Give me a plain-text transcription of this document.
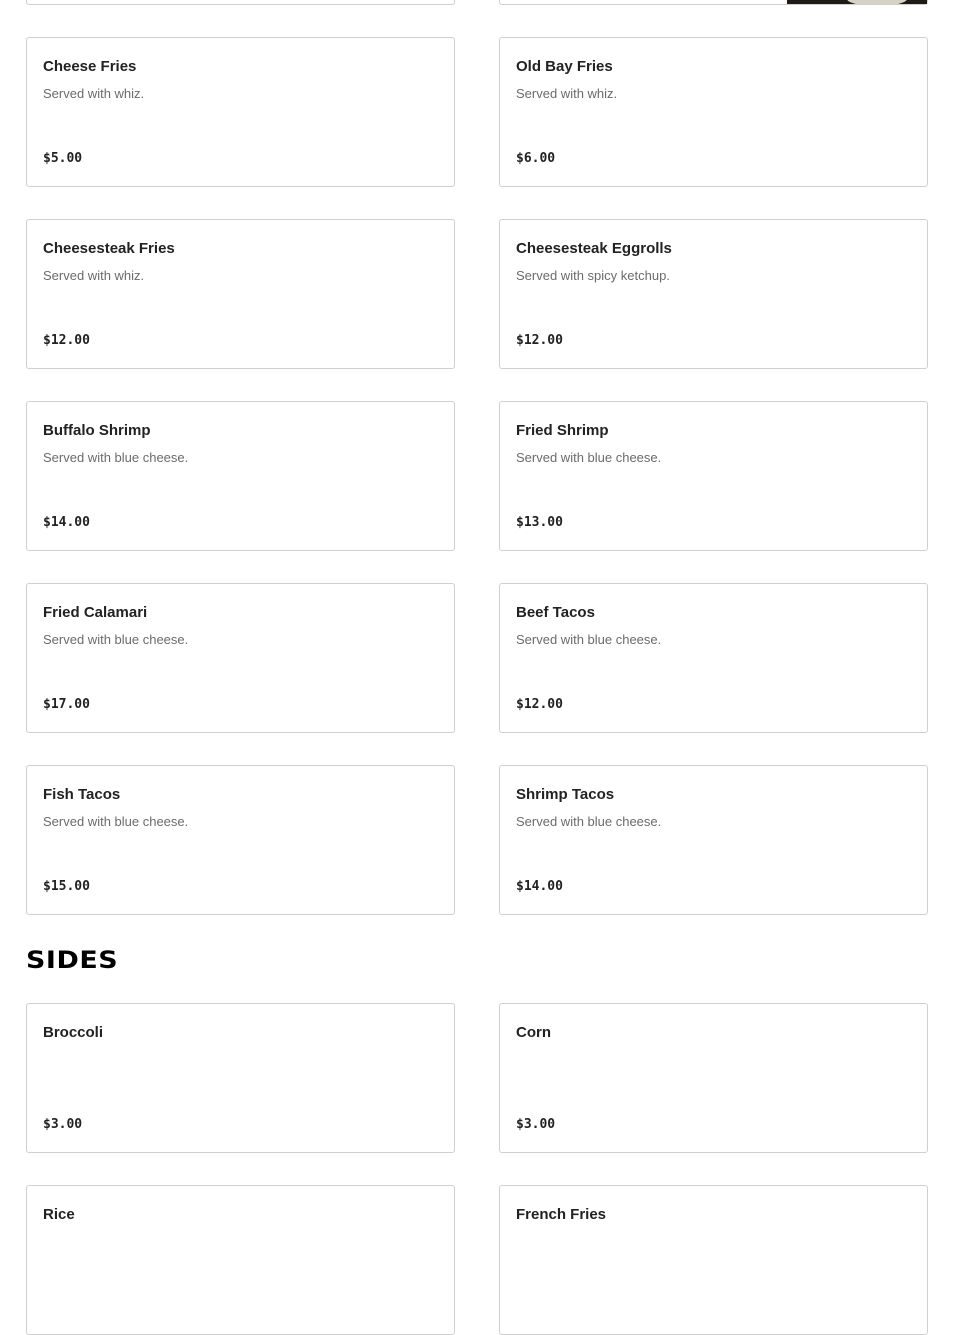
Cheese Fries
Served with whiz.
$5.00
Old Bay Fries
Served with whiz.
$6.00
Cheesesteak Fries
Served with whiz.
$12.00
Cheesesteak Eggrolls
Served with spicy ketchup.
$12.00
Buffalo Shrimp
Served with blue cheese.
$14.00
Fried Shrimp
Served with blue cheese.
$13.00
Fried Calamari
Served with blue cheese.
$17.00
Beef Tacos
Served with blue cheese.
$12.00
Fish Tacos
Served with blue cheese.
$15.00
Shrimp Tacos
Served with blue cheese.
$14.00
SIDES
Broccoli
$3.00
Corn
$3.00
Rice	French Fries
